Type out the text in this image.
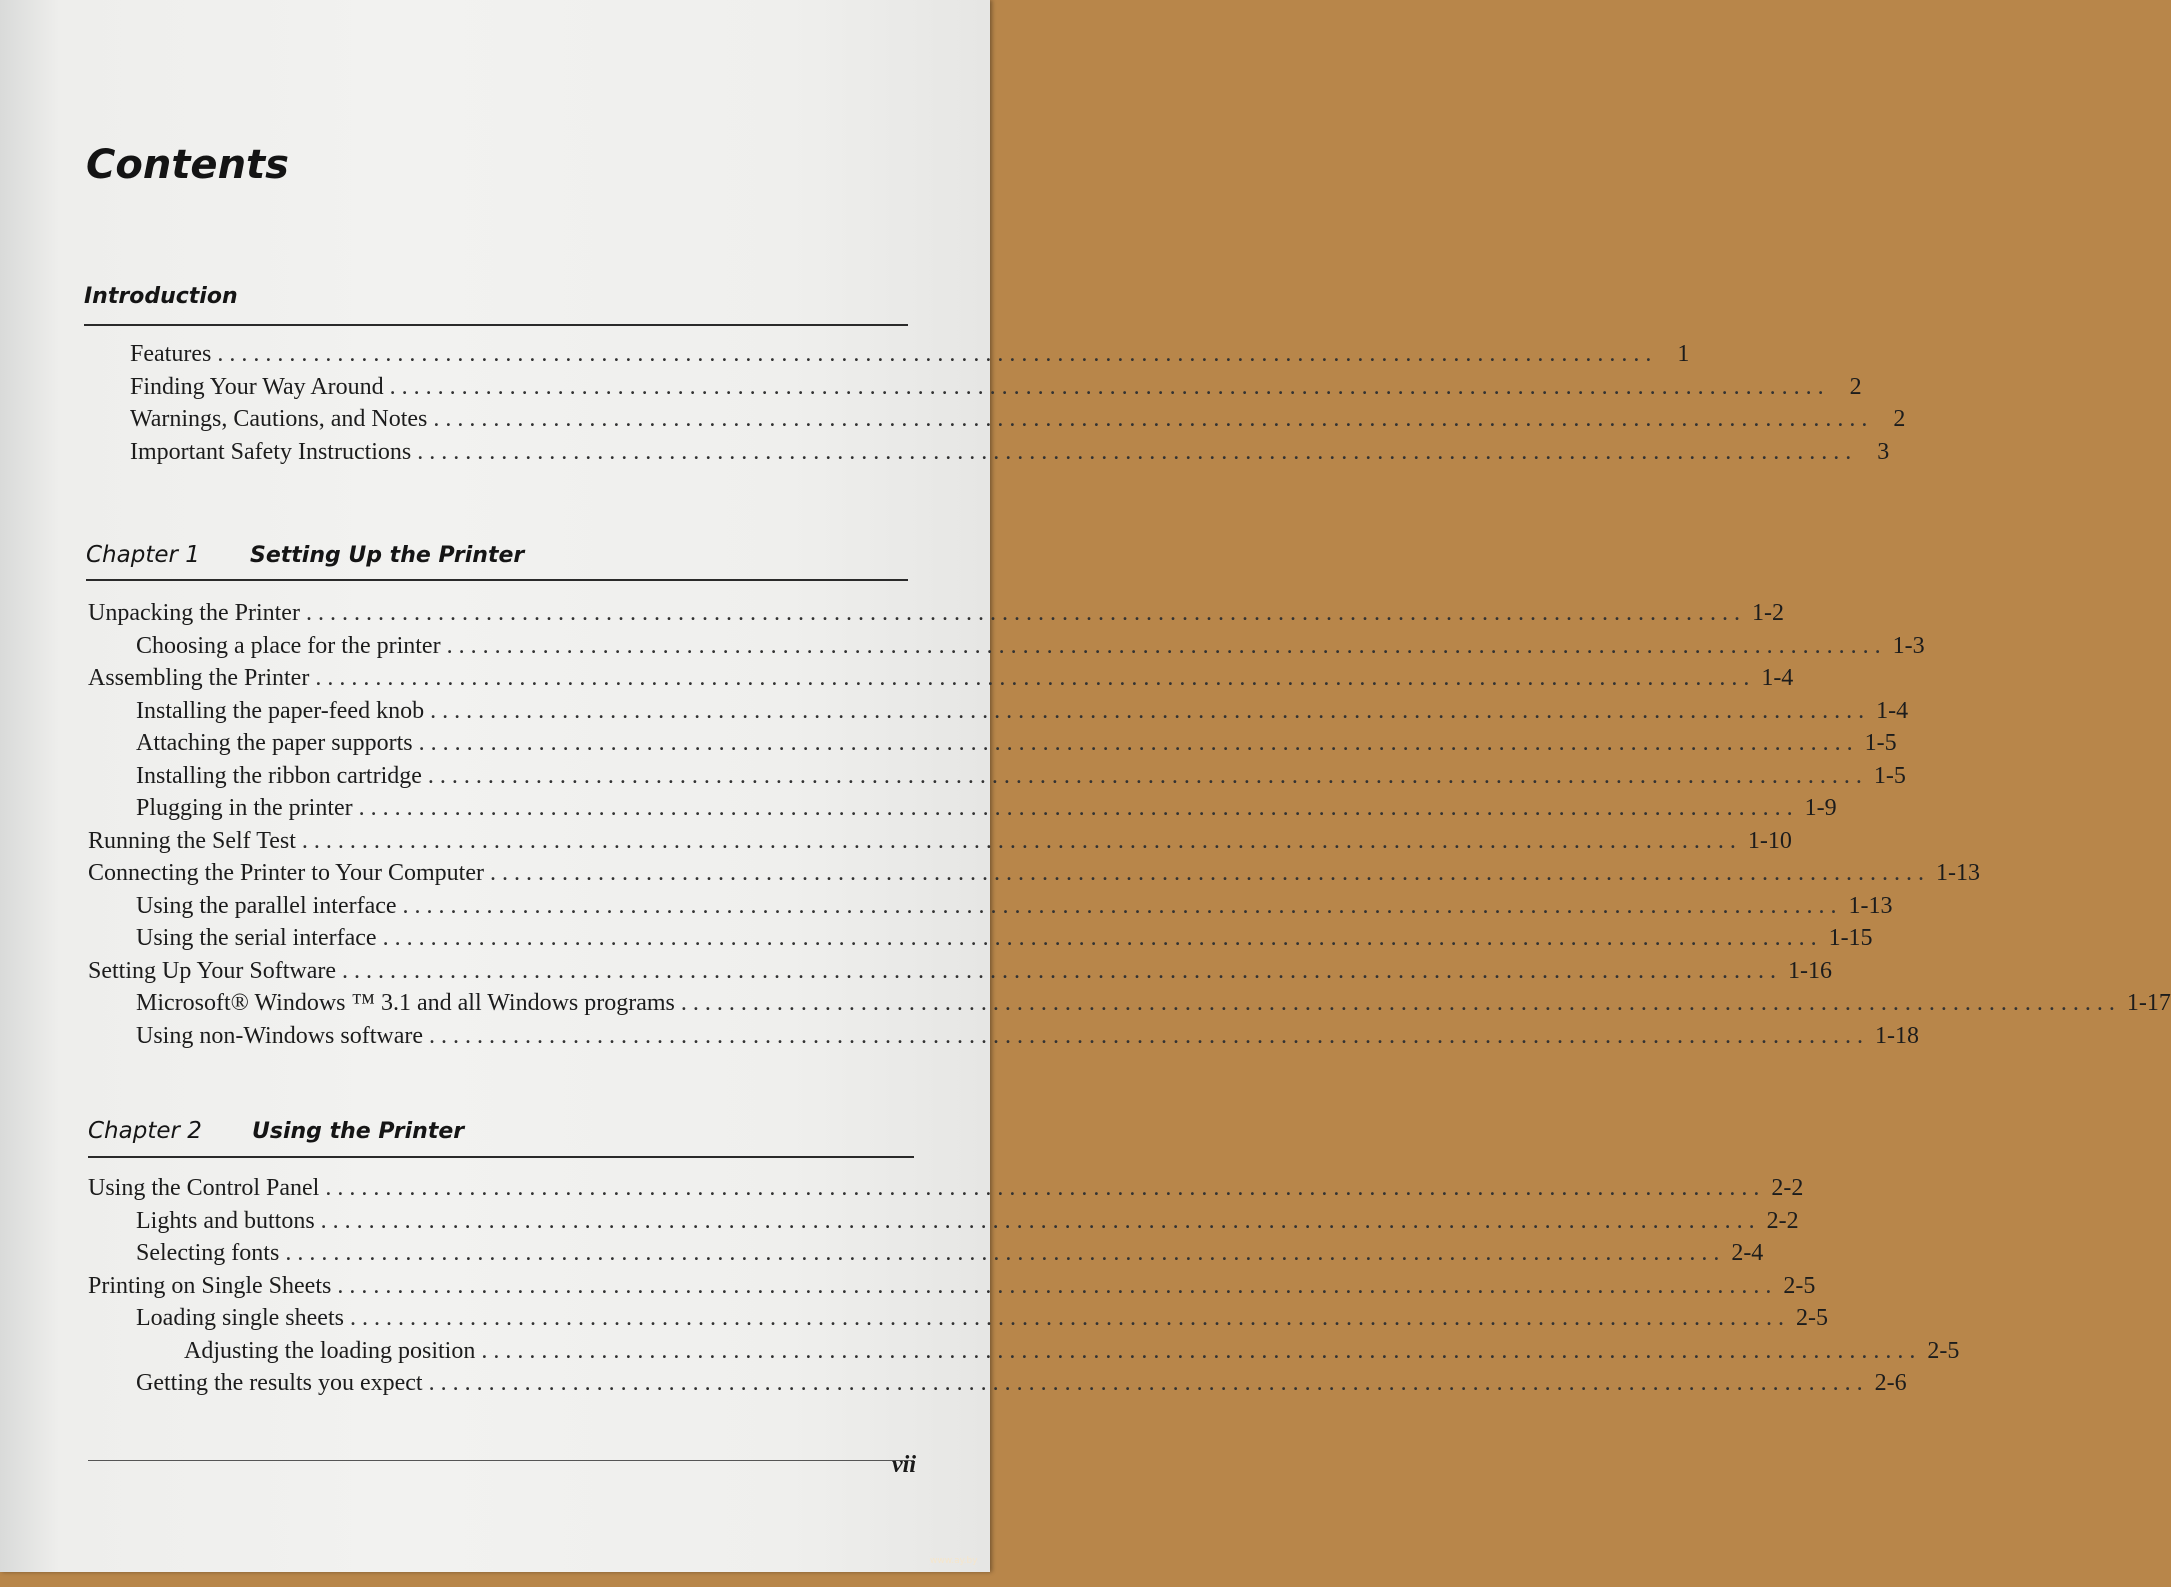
Contents
Introduction
Features ........................................................................................................................ 1
Finding Your Way Around ........................................................................................................................ 2
Warnings, Cautions, and Notes ........................................................................................................................ 2
Important Safety Instructions ........................................................................................................................ 3
Chapter 1 Setting Up the Printer
Unpacking the Printer ........................................................................................................................ 1-2
Choosing a place for the printer ........................................................................................................................ 1-3
Assembling the Printer ........................................................................................................................ 1-4
Installing the paper-feed knob ........................................................................................................................ 1-4
Attaching the paper supports ........................................................................................................................ 1-5
Installing the ribbon cartridge ........................................................................................................................ 1-5
Plugging in the printer ........................................................................................................................ 1-9
Running the Self Test ........................................................................................................................ 1-10
Connecting the Printer to Your Computer ........................................................................................................................ 1-13
Using the parallel interface ........................................................................................................................ 1-13
Using the serial interface ........................................................................................................................ 1-15
Setting Up Your Software ........................................................................................................................ 1-16
Microsoft® Windows ™ 3.1 and all Windows programs ........................................................................................................................ 1-17
Using non-Windows software ........................................................................................................................ 1-18
Chapter 2 Using the Printer
Using the Control Panel ........................................................................................................................ 2-2
Lights and buttons ........................................................................................................................ 2-2
Selecting fonts ........................................................................................................................ 2-4
Printing on Single Sheets ........................................................................................................................ 2-5
Loading single sheets ........................................................................................................................ 2-5
Adjusting the loading position ........................................................................................................................ 2-5
Getting the results you expect ........................................................................................................................ 2-6
vii
www.ay.by
